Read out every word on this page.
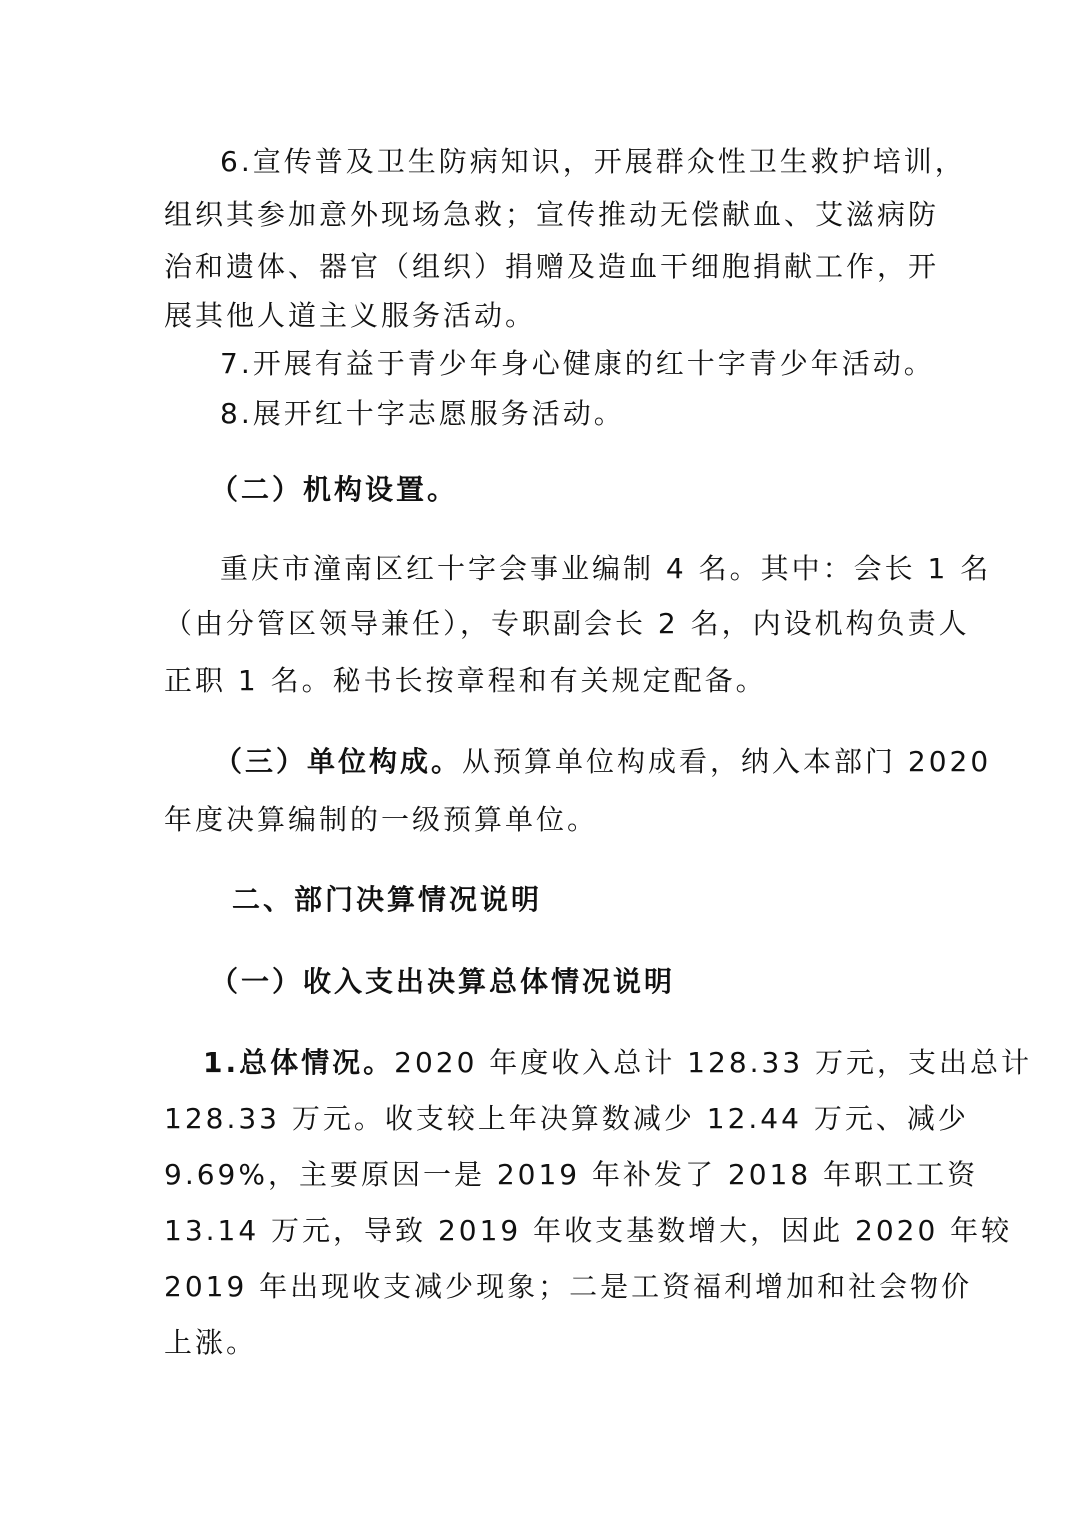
6.宣传普及卫生防病知识，开展群众性卫生救护培训，
组织其参加意外现场急救；宣传推动无偿献血、艾滋病防
治和遗体、器官（组织）捐赠及造血干细胞捐献工作，开
展其他人道主义服务活动。
7.开展有益于青少年身心健康的红十字青少年活动。
8.展开红十字志愿服务活动。
（二）机构设置。
重庆市潼南区红十字会事业编制 4 名。其中：会长 1 名
（由分管区领导兼任），专职副会长 2 名，内设机构负责人
正职 1 名。秘书长按章程和有关规定配备。
（三）单位构成。从预算单位构成看，纳入本部门 2020
年度决算编制的一级预算单位。
二、部门决算情况说明
（一）收入支出决算总体情况说明
1.总体情况。2020 年度收入总计 128.33 万元，支出总计
128.33 万元。收支较上年决算数减少 12.44 万元、减少
9.69%，主要原因一是 2019 年补发了 2018 年职工工资
13.14 万元，导致 2019 年收支基数增大，因此 2020 年较
2019 年出现收支减少现象；二是工资福利增加和社会物价
上涨。
